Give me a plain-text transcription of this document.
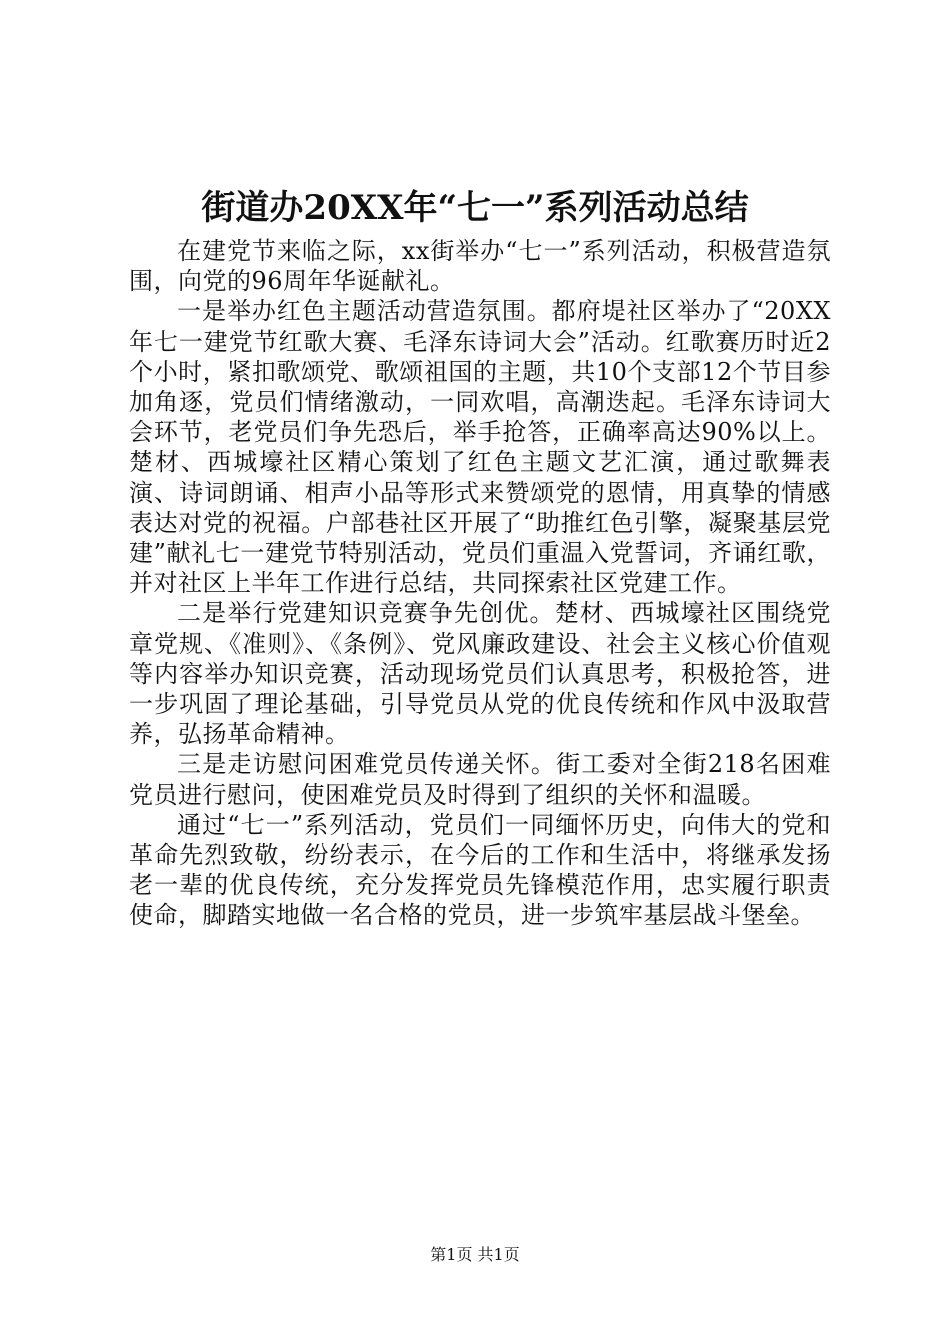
街道办20XX年“七一”系列活动总结

在建党节来临之际，xx街举办“七一”系列活动，积极营造氛围，向党的96周年华诞献礼。

一是举办红色主题活动营造氛围。都府堤社区举办了“20XX年七一建党节红歌大赛、毛泽东诗词大会”活动。红歌赛历时近2个小时，紧扣歌颂党、歌颂祖国的主题，共10个支部12个节目参加角逐，党员们情绪激动，一同欢唱，高潮迭起。毛泽东诗词大会环节，老党员们争先恐后，举手抢答，正确率高达90%以上。楚材、西城壕社区精心策划了红色主题文艺汇演，通过歌舞表演、诗词朗诵、相声小品等形式来赞颂党的恩情，用真挚的情感表达对党的祝福。户部巷社区开展了“助推红色引擎，凝聚基层党建”献礼七一建党节特别活动，党员们重温入党誓词，齐诵红歌，并对社区上半年工作进行总结，共同探索社区党建工作。

二是举行党建知识竞赛争先创优。楚材、西城壕社区围绕党章党规、《准则》、《条例》、党风廉政建设、社会主义核心价值观等内容举办知识竞赛，活动现场党员们认真思考，积极抢答，进一步巩固了理论基础，引导党员从党的优良传统和作风中汲取营养，弘扬革命精神。

三是走访慰问困难党员传递关怀。街工委对全街218名困难党员进行慰问，使困难党员及时得到了组织的关怀和温暖。

通过“七一”系列活动，党员们一同缅怀历史，向伟大的党和革命先烈致敬，纷纷表示，在今后的工作和生活中，将继承发扬老一辈的优良传统，充分发挥党员先锋模范作用，忠实履行职责使命，脚踏实地做一名合格的党员，进一步筑牢基层战斗堡垒。

第1页 共1页
